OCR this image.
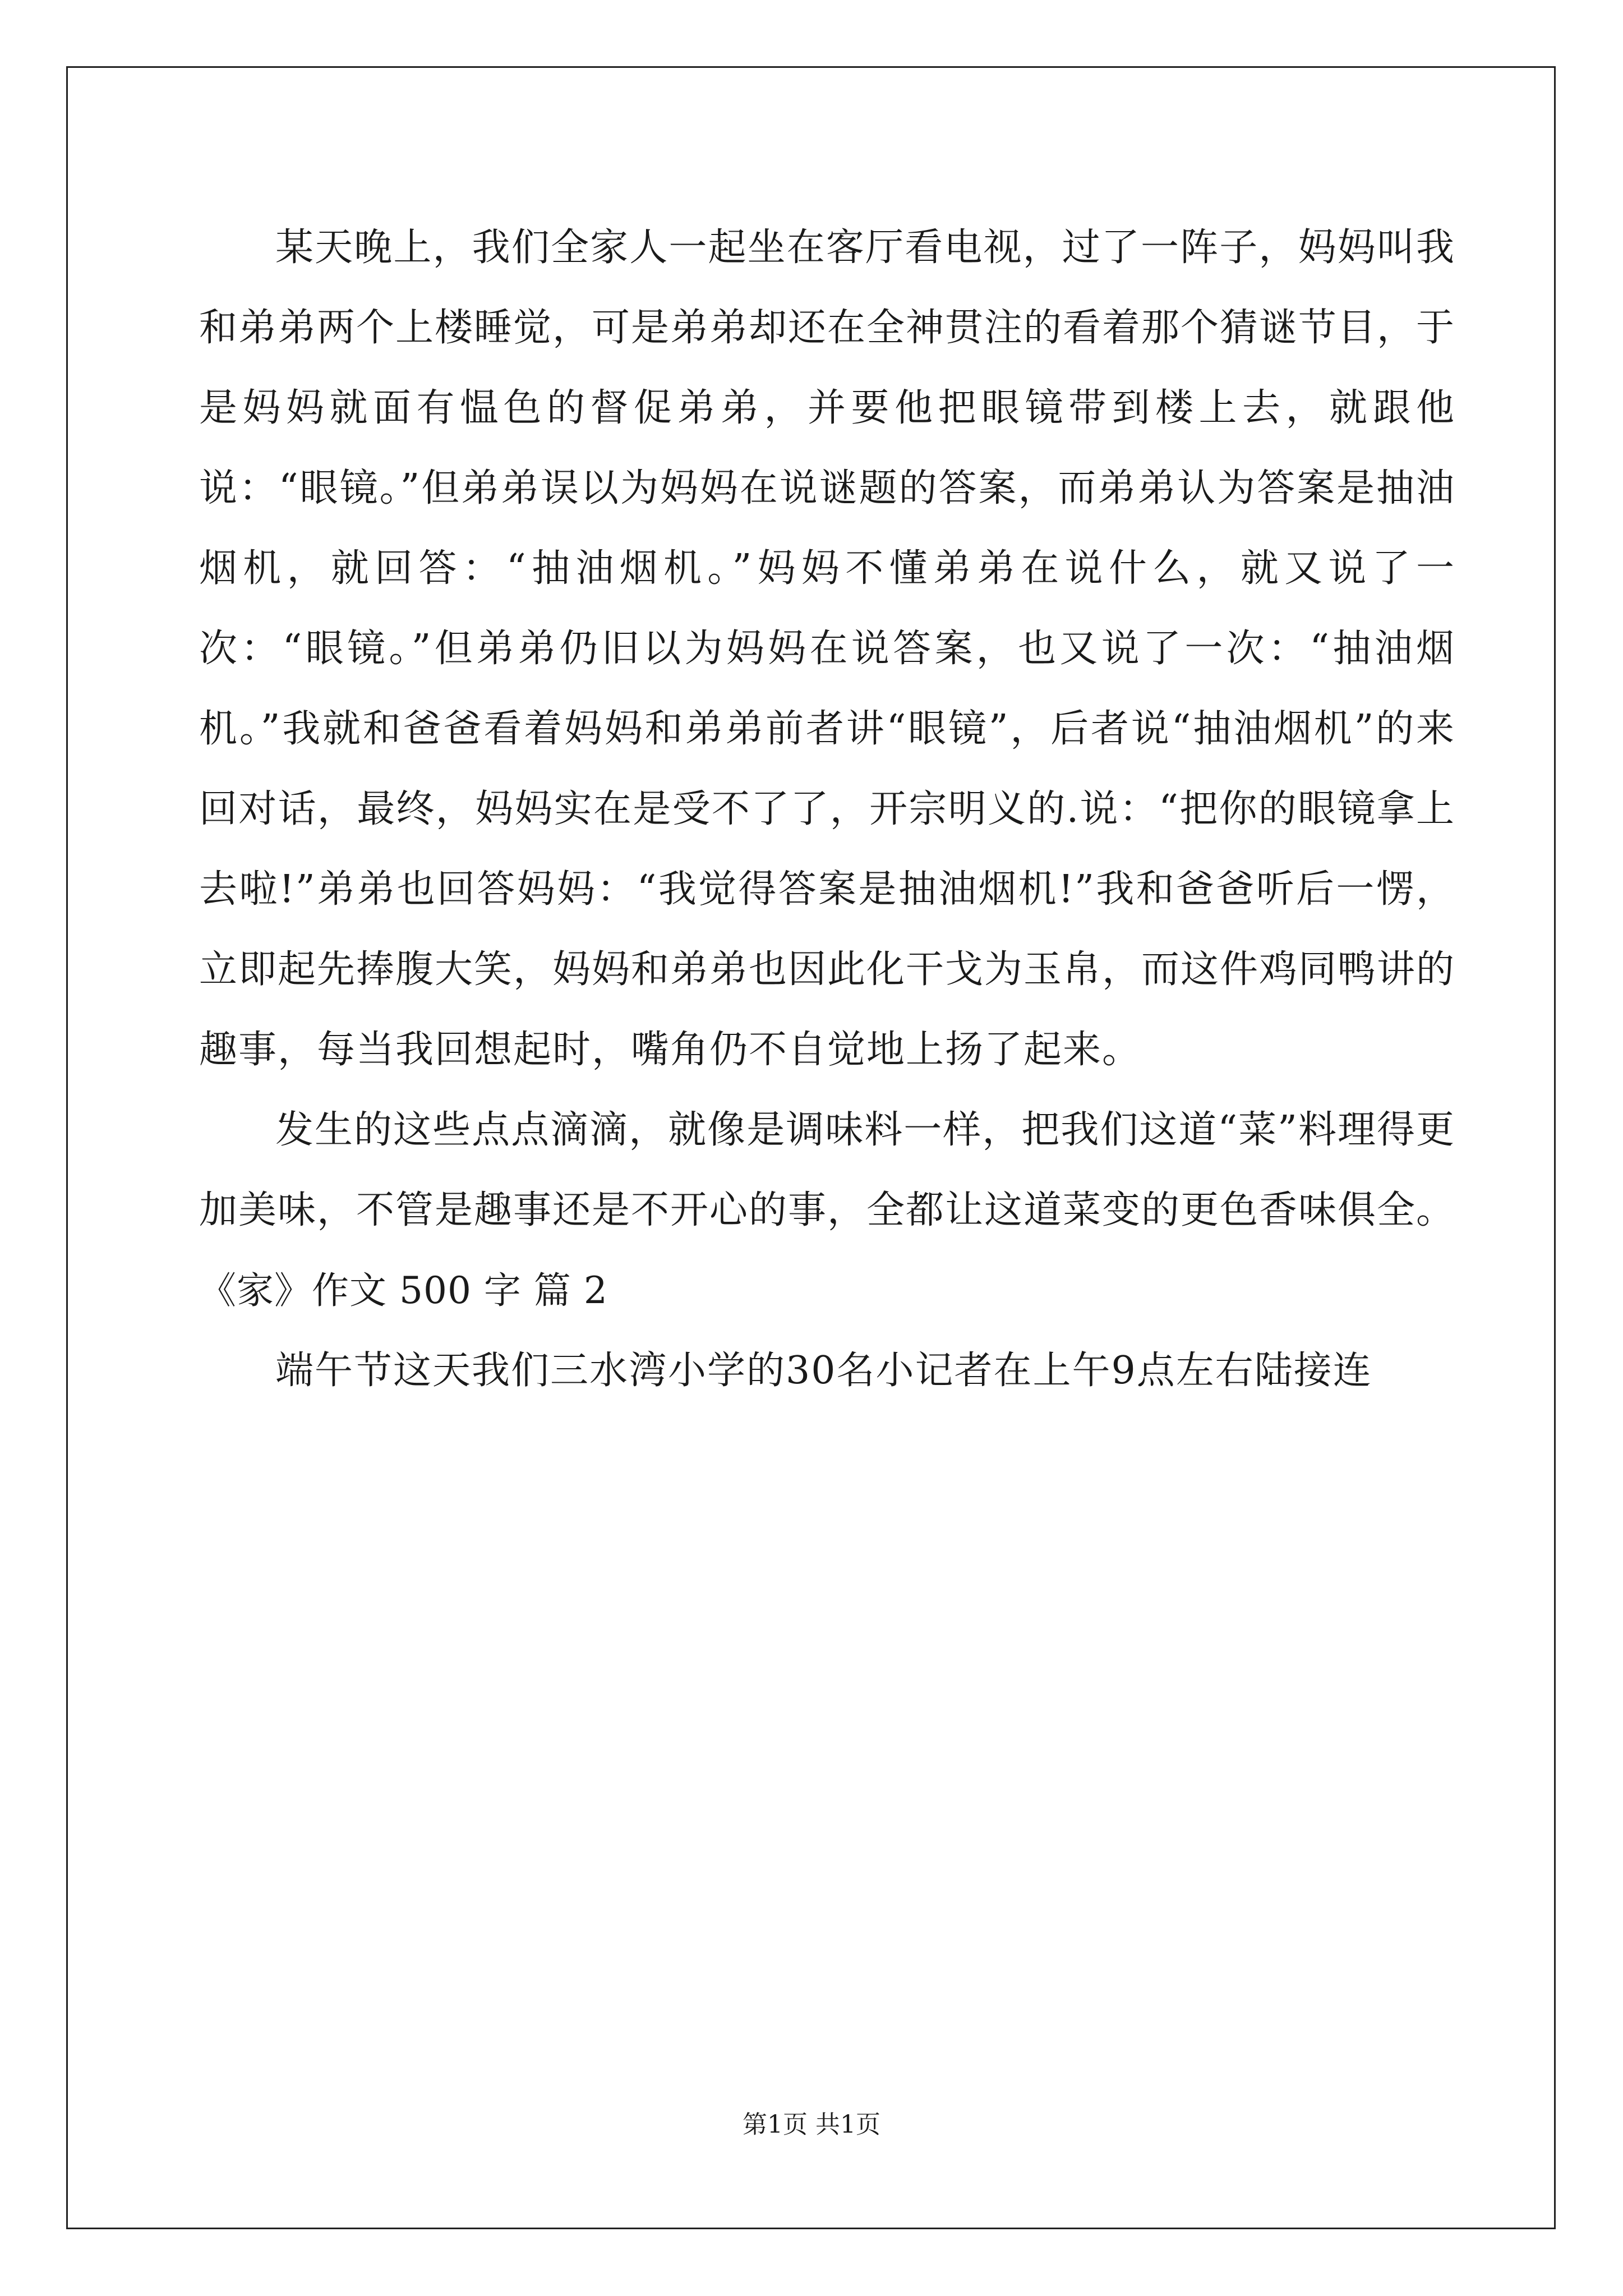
某天晚上，我们全家人一起坐在客厅看电视，过了一阵子，妈妈叫我和弟弟两个上楼睡觉，可是弟弟却还在全神贯注的看着那个猜谜节目，于是妈妈就面有愠色的督促弟弟，并要他把眼镜带到楼上去，就跟他说：“眼镜。”但弟弟误以为妈妈在说谜题的答案，而弟弟认为答案是抽油烟机，就回答：“抽油烟机。”妈妈不懂弟弟在说什么，就又说了一次：“眼镜。”但弟弟仍旧以为妈妈在说答案，也又说了一次：“抽油烟机。”我就和爸爸看着妈妈和弟弟前者讲“眼镜”，后者说“抽油烟机”的来回对话，最终，妈妈实在是受不了了，开宗明义的.说：“把你的眼镜拿上去啦!”弟弟也回答妈妈：“我觉得答案是抽油烟机!”我和爸爸听后一愣，立即起先捧腹大笑，妈妈和弟弟也因此化干戈为玉帛，而这件鸡同鸭讲的趣事，每当我回想起时，嘴角仍不自觉地上扬了起来。

发生的这些点点滴滴，就像是调味料一样，把我们这道“菜”料理得更加美味，不管是趣事还是不开心的事，全都让这道菜变的更色香味俱全。

《家》作文 500 字 篇 2

端午节这天我们三水湾小学的30名小记者在上午9点左右陆接连

第1页 共1页
